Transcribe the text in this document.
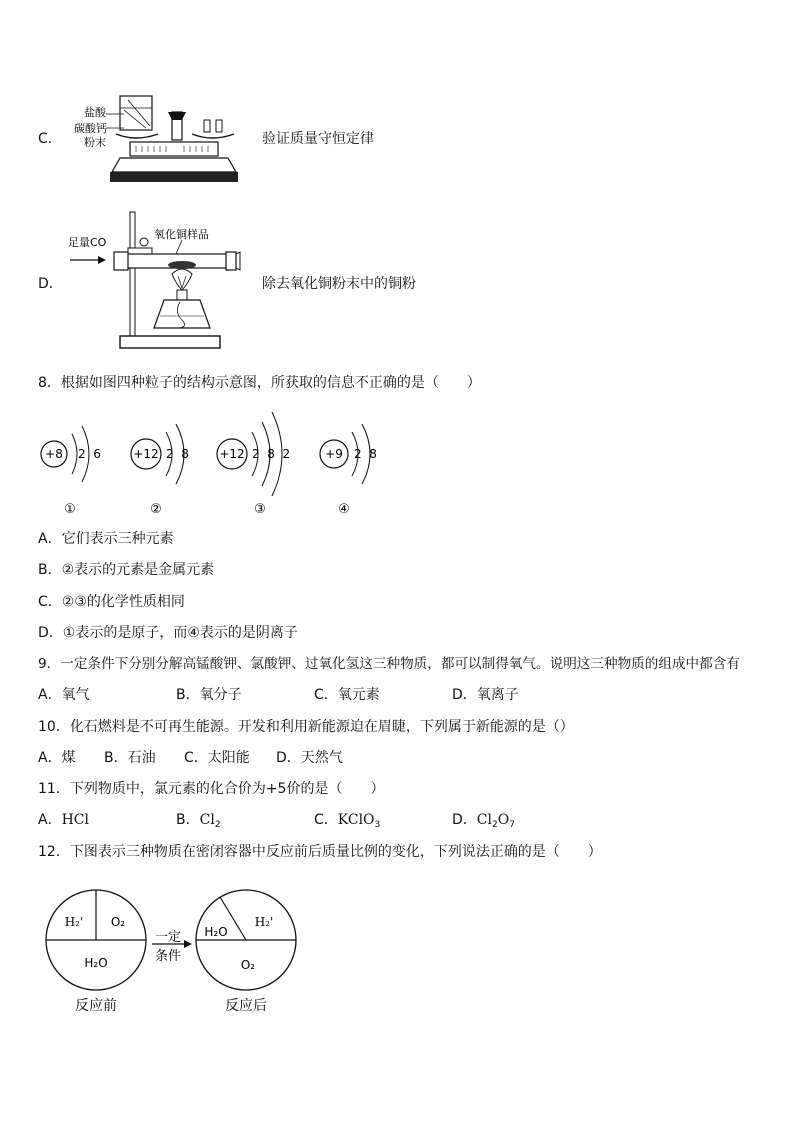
C．
盐酸
碳酸钙
粉末	验证质量守恒定律
D．
足量CO
氧化铜样品
除去氧化铜粉末中的铜粉
8．根据如图四种粒子的结构示意图，所获取的信息不正确的是（　　）
+8 2  6
①
+12 2  8
②
+12 2  8  2
③
+9 2  8
④
A．它们表示三种元素
B．②表示的元素是金属元素
C．②③的化学性质相同
D．①表示的是原子，而④表示的是阴离子
9．一定条件下分别分解高锰酸钾、氯酸钾、过氧化氢这三种物质，都可以制得氧气。说明这三种物质的组成中都含有
A．氧气	B．氧分子	C．氧元素	D．氧离子
10．化石燃料是不可再生能源。开发和利用新能源迫在眉睫，下列属于新能源的是（）
A．煤 B．石油 C．太阳能 D．天然气
11．下列物质中，氯元素的化合价为+5价的是（　　）
A．HCl	B．$Cl_2$	C．KClO$_3$	D．$Cl_2O_7$
12．下图表示三种物质在密闭容器中反应前后质量比例的变化，下列说法正确的是（　　）
H₂' O₂
H₂O
反应前
一定
条件
H₂O
H₂'
O₂
反应后
